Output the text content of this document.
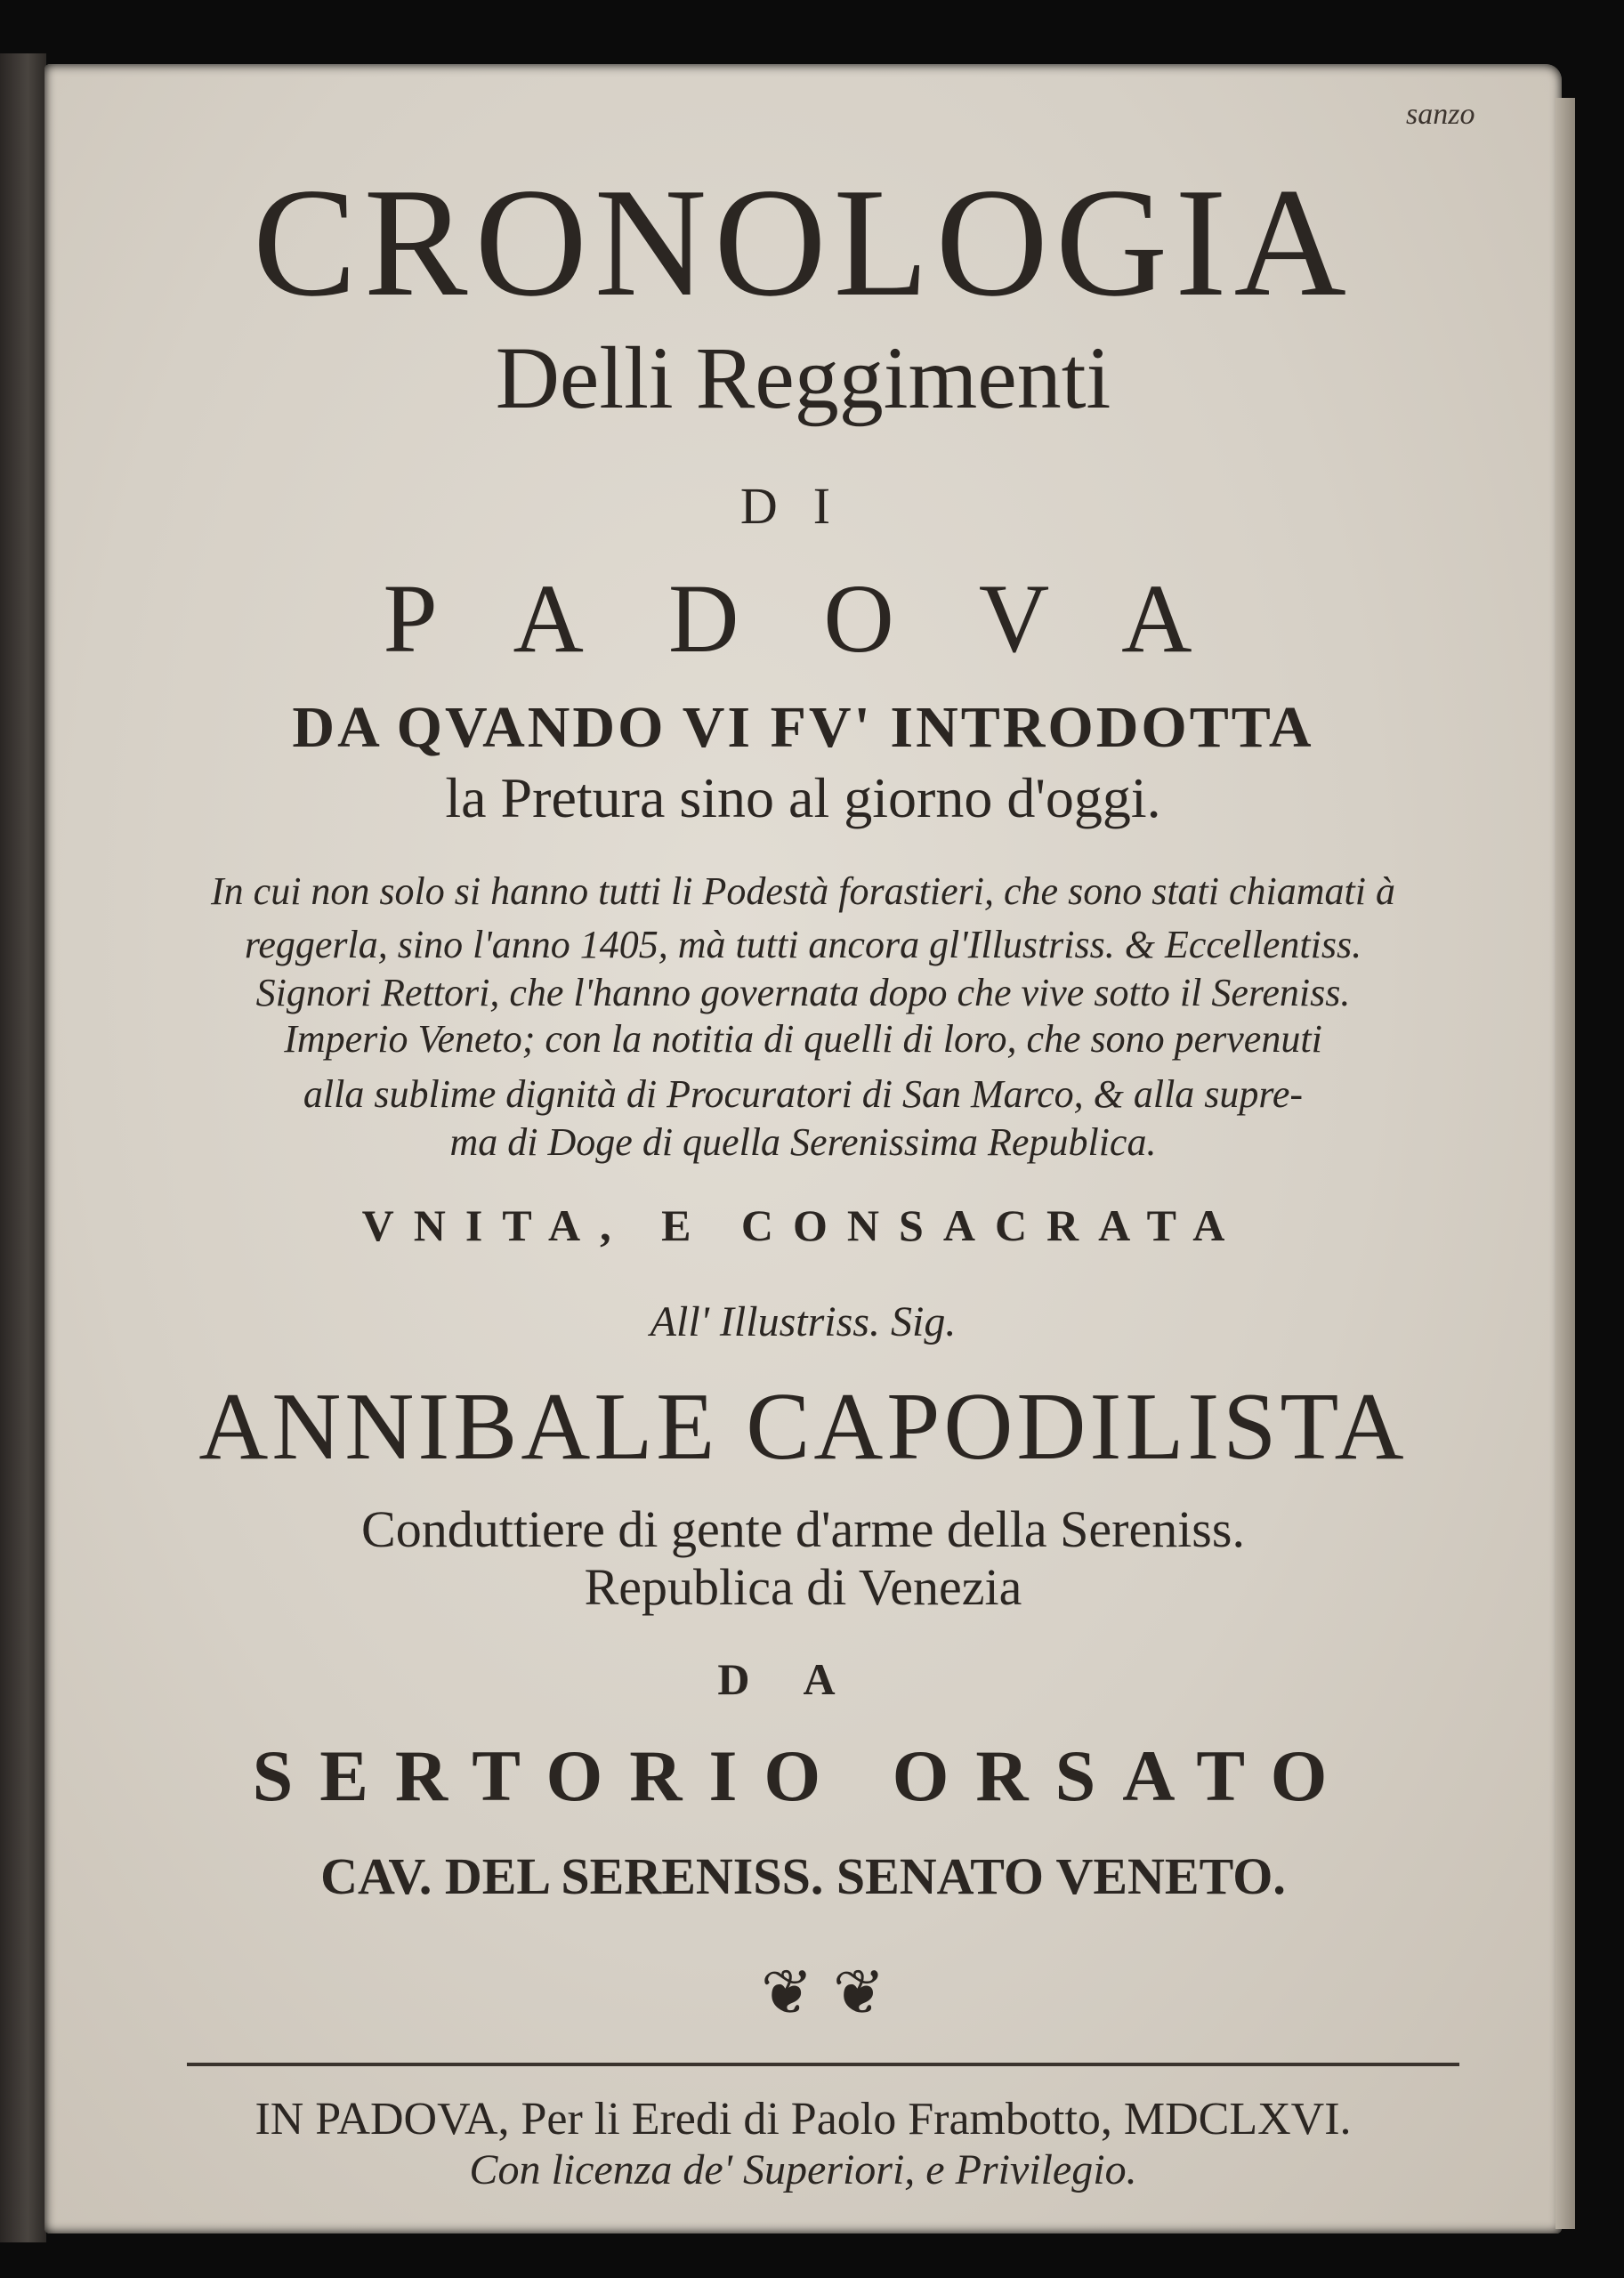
sanzo
CRONOLOGIA
Delli Reggimenti
DI
PADOVA
DA QVANDO VI FV' INTRODOTTA
la Pretura sino al giorno d'oggi.
In cui non solo si hanno tutti li Podestà forastieri, che sono stati chiamati à
reggerla, sino l'anno 1405, mà tutti ancora gl'Illustriss. & Eccellentiss.
Signori Rettori, che l'hanno governata dopo che vive sotto il Sereniss.
Imperio Veneto; con la notitia di quelli di loro, che sono pervenuti
alla sublime dignità di Procuratori di San Marco, & alla supre-
ma di Doge di quella Serenissima Republica.
VNITA, E CONSACRATA
All' Illustriss. Sig.
ANNIBALE CAPODILISTA
Conduttiere di gente d'arme della Sereniss.
Republica di Venezia
DA
SERTORIO ORSATO
CAV. DEL SERENISS. SENATO VENETO.
❦ ❦
IN PADOVA, Per li Eredi di Paolo Frambotto, MDCLXVI.
Con licenza de' Superiori, e Privilegio.
